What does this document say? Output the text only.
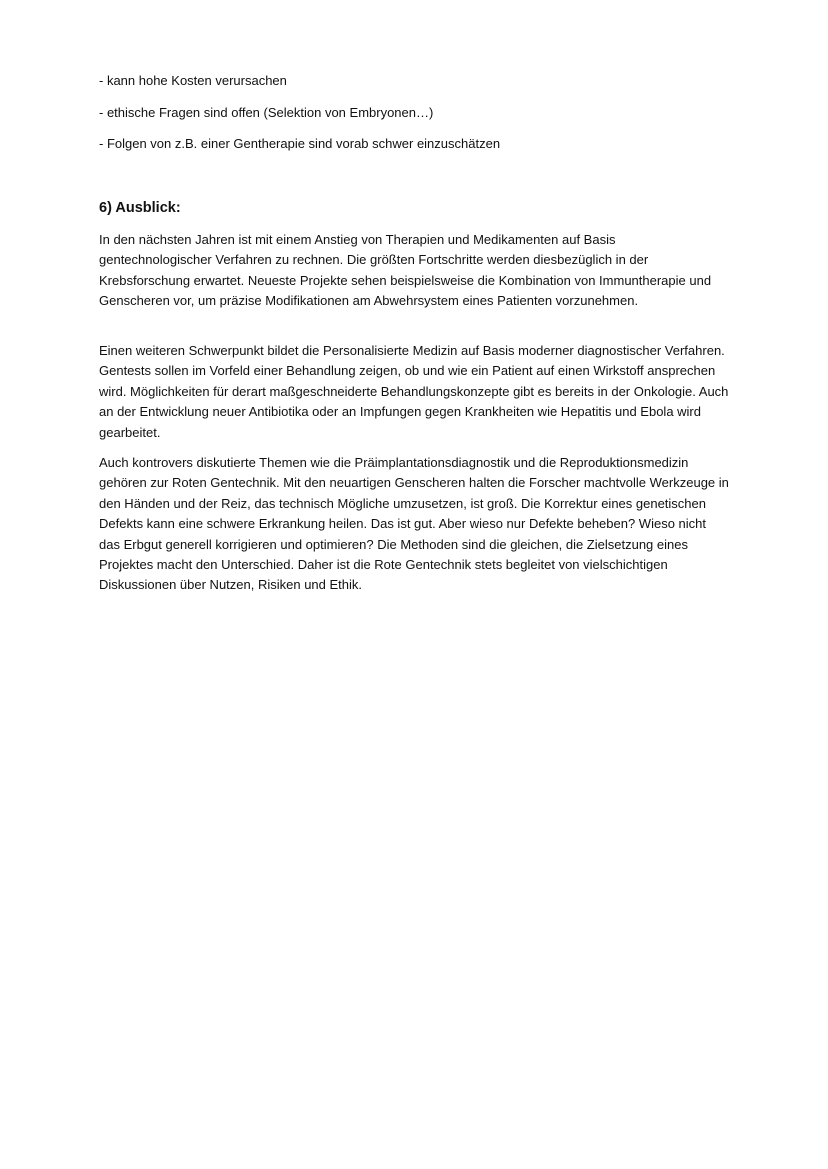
- kann hohe Kosten verursachen

- ethische Fragen sind offen (Selektion von Embryonen…)

- Folgen von z.B. einer Gentherapie sind vorab schwer einzuschätzen

6) Ausblick:

In den nächsten Jahren ist mit einem Anstieg von Therapien und Medikamenten auf Basis gentechnologischer Verfahren zu rechnen. Die größten Fortschritte werden diesbezüglich in der Krebsforschung erwartet. Neueste Projekte sehen beispielsweise die Kombination von Immuntherapie und Genscheren vor, um präzise Modifikationen am Abwehrsystem eines Patienten vorzunehmen.

Einen weiteren Schwerpunkt bildet die Personalisierte Medizin auf Basis moderner diagnostischer Verfahren. Gentests sollen im Vorfeld einer Behandlung zeigen, ob und wie ein Patient auf einen Wirkstoff ansprechen wird. Möglichkeiten für derart maßgeschneiderte Behandlungskonzepte gibt es bereits in der Onkologie. Auch an der Entwicklung neuer Antibiotika oder an Impfungen gegen Krankheiten wie Hepatitis und Ebola wird gearbeitet.

Auch kontrovers diskutierte Themen wie die Präimplantationsdiagnostik und die Reproduktionsmedizin gehören zur Roten Gentechnik. Mit den neuartigen Genscheren halten die Forscher machtvolle Werkzeuge in den Händen und der Reiz, das technisch Mögliche umzusetzen, ist groß. Die Korrektur eines genetischen Defekts kann eine schwere Erkrankung heilen. Das ist gut. Aber wieso nur Defekte beheben? Wieso nicht das Erbgut generell korrigieren und optimieren? Die Methoden sind die gleichen, die Zielsetzung eines Projektes macht den Unterschied. Daher ist die Rote Gentechnik stets begleitet von vielschichtigen Diskussionen über Nutzen, Risiken und Ethik.
